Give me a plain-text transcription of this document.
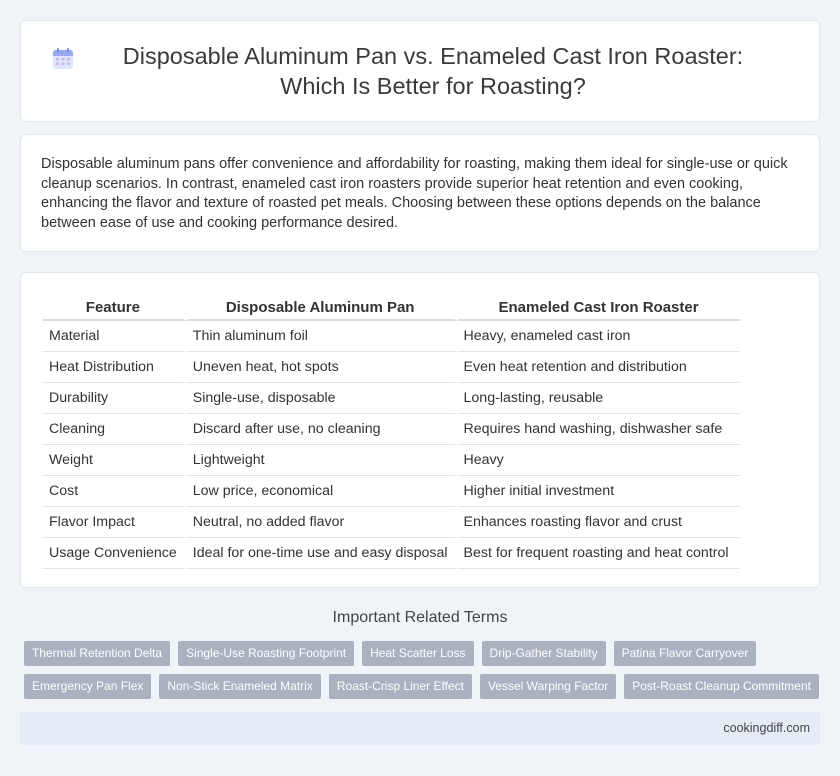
Disposable Aluminum Pan vs. Enameled Cast Iron Roaster: Which Is Better for Roasting?

Disposable aluminum pans offer convenience and affordability for roasting, making them ideal for single-use or quick cleanup scenarios. In contrast, enameled cast iron roasters provide superior heat retention and even cooking, enhancing the flavor and texture of roasted pet meals. Choosing between these options depends on the balance between ease of use and cooking performance desired.

Feature	Disposable Aluminum Pan	Enameled Cast Iron Roaster
Material	Thin aluminum foil	Heavy, enameled cast iron
Heat Distribution	Uneven heat, hot spots	Even heat retention and distribution
Durability	Single-use, disposable	Long-lasting, reusable
Cleaning	Discard after use, no cleaning	Requires hand washing, dishwasher safe
Weight	Lightweight	Heavy
Cost	Low price, economical	Higher initial investment
Flavor Impact	Neutral, no added flavor	Enhances roasting flavor and crust
Usage Convenience	Ideal for one-time use and easy disposal	Best for frequent roasting and heat control
Important Related Terms
Thermal Retention Delta	Single-Use Roasting Footprint	Heat Scatter Loss	Drip-Gather Stability	Patina Flavor Carryover
Emergency Pan Flex	Non-Stick Enameled Matrix	Roast-Crisp Liner Effect	Vessel Warping Factor	Post-Roast Cleanup Commitment
cookingdiff.com
